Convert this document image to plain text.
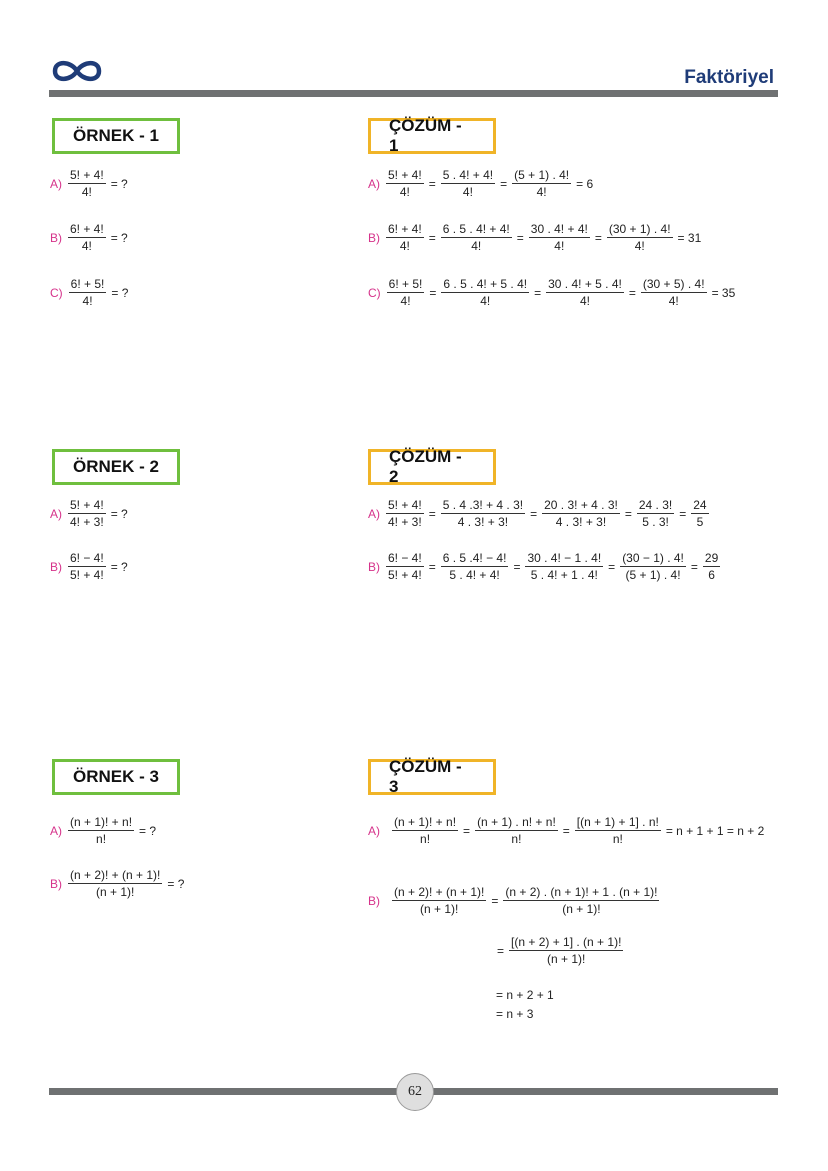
Faktöriyel
ÖRNEK - 1
ÇÖZÜM - 1
$A) \frac{5! + 4!}{4!}$ = ?
$B) \frac{6! + 4!}{4!}$ = ?
$C) \frac{6! + 5!}{4!}$ = ?
$A) \frac{5! + 4!}{4!} = \frac{5 . 4! + 4!}{4!} = \frac{(5 + 1) . 4!}{4!} = 6$
$B) \frac{6! + 4!}{4!} = \frac{6 . 5 . 4! + 4!}{4!} = \frac{30 . 4! + 4!}{4!} = \frac{(30 + 1) . 4!}{4!} = 31$
$C) \frac{6! + 5!}{4!} = \frac{6 . 5 . 4! + 5 . 4!}{4!} = \frac{30 . 4! + 5 . 4!}{4!} = \frac{(30 + 5) . 4!}{4!} = 35$
ÖRNEK - 2
ÇÖZÜM - 2
$A) \frac{5! + 4!}{4! + 3!}$ = ?
$B) \frac{6! - 4!}{5! + 4!}$ = ?
$A) \frac{5! + 4!}{4! + 3!} = \frac{5 . 4 .3! + 4 . 3!}{4 . 3! + 3!} = \frac{20 . 3! + 4 . 3!}{4 . 3! + 3!} = \frac{24 . 3!}{5 . 3!} = \frac{24}{5}$
$B) \frac{6! - 4!}{5! + 4!} = \frac{6 . 5 .4! - 4!}{5 . 4! + 4!} = \frac{30 . 4! - 1 . 4!}{5 . 4! + 1 . 4!} = \frac{(30 - 1) . 4!}{(5 + 1) . 4!} = \frac{29}{6}$
ÖRNEK - 3
ÇÖZÜM - 3
$A) \frac{(n + 1)! + n!}{n!}$ = ?
$B) \frac{(n + 2)! + (n + 1)!}{(n + 1)!}$ = ?
$A) \frac{(n + 1)! + n!}{n!} = \frac{(n + 1) . n! + n!}{n!} = \frac{[(n + 1) + 1] . n!}{n!} = n + 1 + 1 = n + 2$
$B) \frac{(n + 2)! + (n + 1)!}{(n + 1)!} = \frac{(n + 2) . (n + 1)! + 1 . (n + 1)!}{(n + 1)!}$
= $\frac{[(n + 2) + 1] . (n + 1)!}{(n + 1)!}$
= n + 2 + 1
= n + 3
62
